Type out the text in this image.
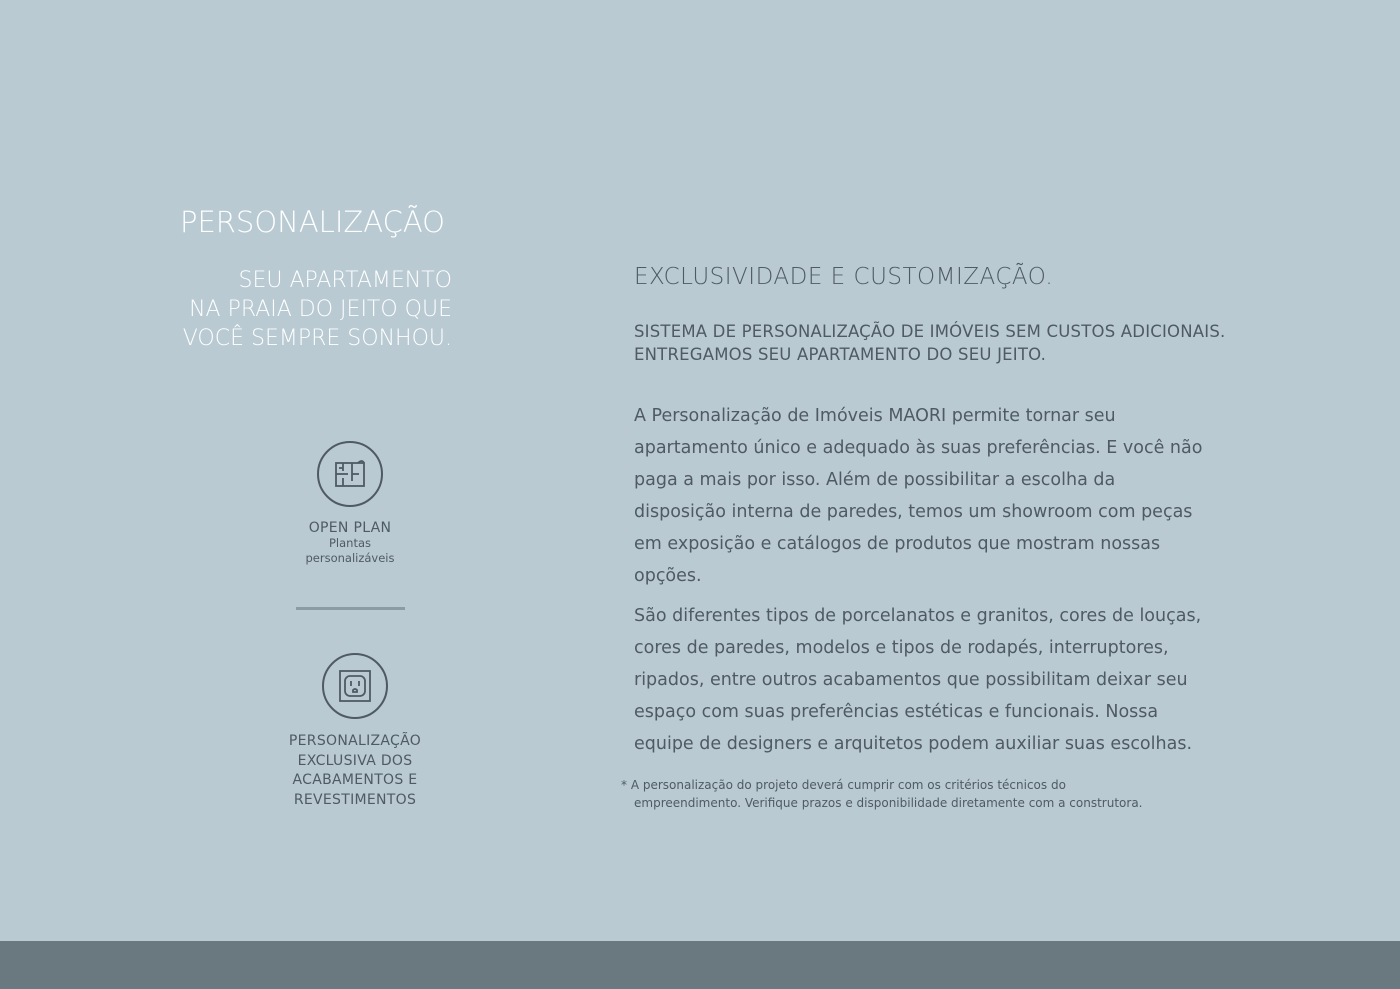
PERSONALIZAÇÃO
SEU APARTAMENTO
NA PRAIA DO JEITO QUE
VOCÊ SEMPRE SONHOU.
OPEN PLAN
Plantas
personalizáveis
PERSONALIZAÇÃO
EXCLUSIVA DOS
ACABAMENTOS E
REVESTIMENTOS
EXCLUSIVIDADE E CUSTOMIZAÇÃO.
SISTEMA DE PERSONALIZAÇÃO DE IMÓVEIS SEM CUSTOS ADICIONAIS.
ENTREGAMOS SEU APARTAMENTO DO SEU JEITO.

A Personalização de Imóveis MAORI permite tornar seu apartamento único e adequado às suas preferências. E você não paga a mais por isso. Além de possibilitar a escolha da disposição interna de paredes, temos um showroom com peças em exposição e catálogos de produtos que mostram nossas opções.

São diferentes tipos de porcelanatos e granitos, cores de louças, cores de paredes, modelos e tipos de rodapés, interruptores, ripados, entre outros acabamentos que possibilitam deixar seu espaço com suas preferências estéticas e funcionais. Nossa equipe de designers e arquitetos podem auxiliar suas escolhas.

* A personalização do projeto deverá cumprir com os critérios técnicos do
empreendimento. Verifique prazos e disponibilidade diretamente com a construtora.
